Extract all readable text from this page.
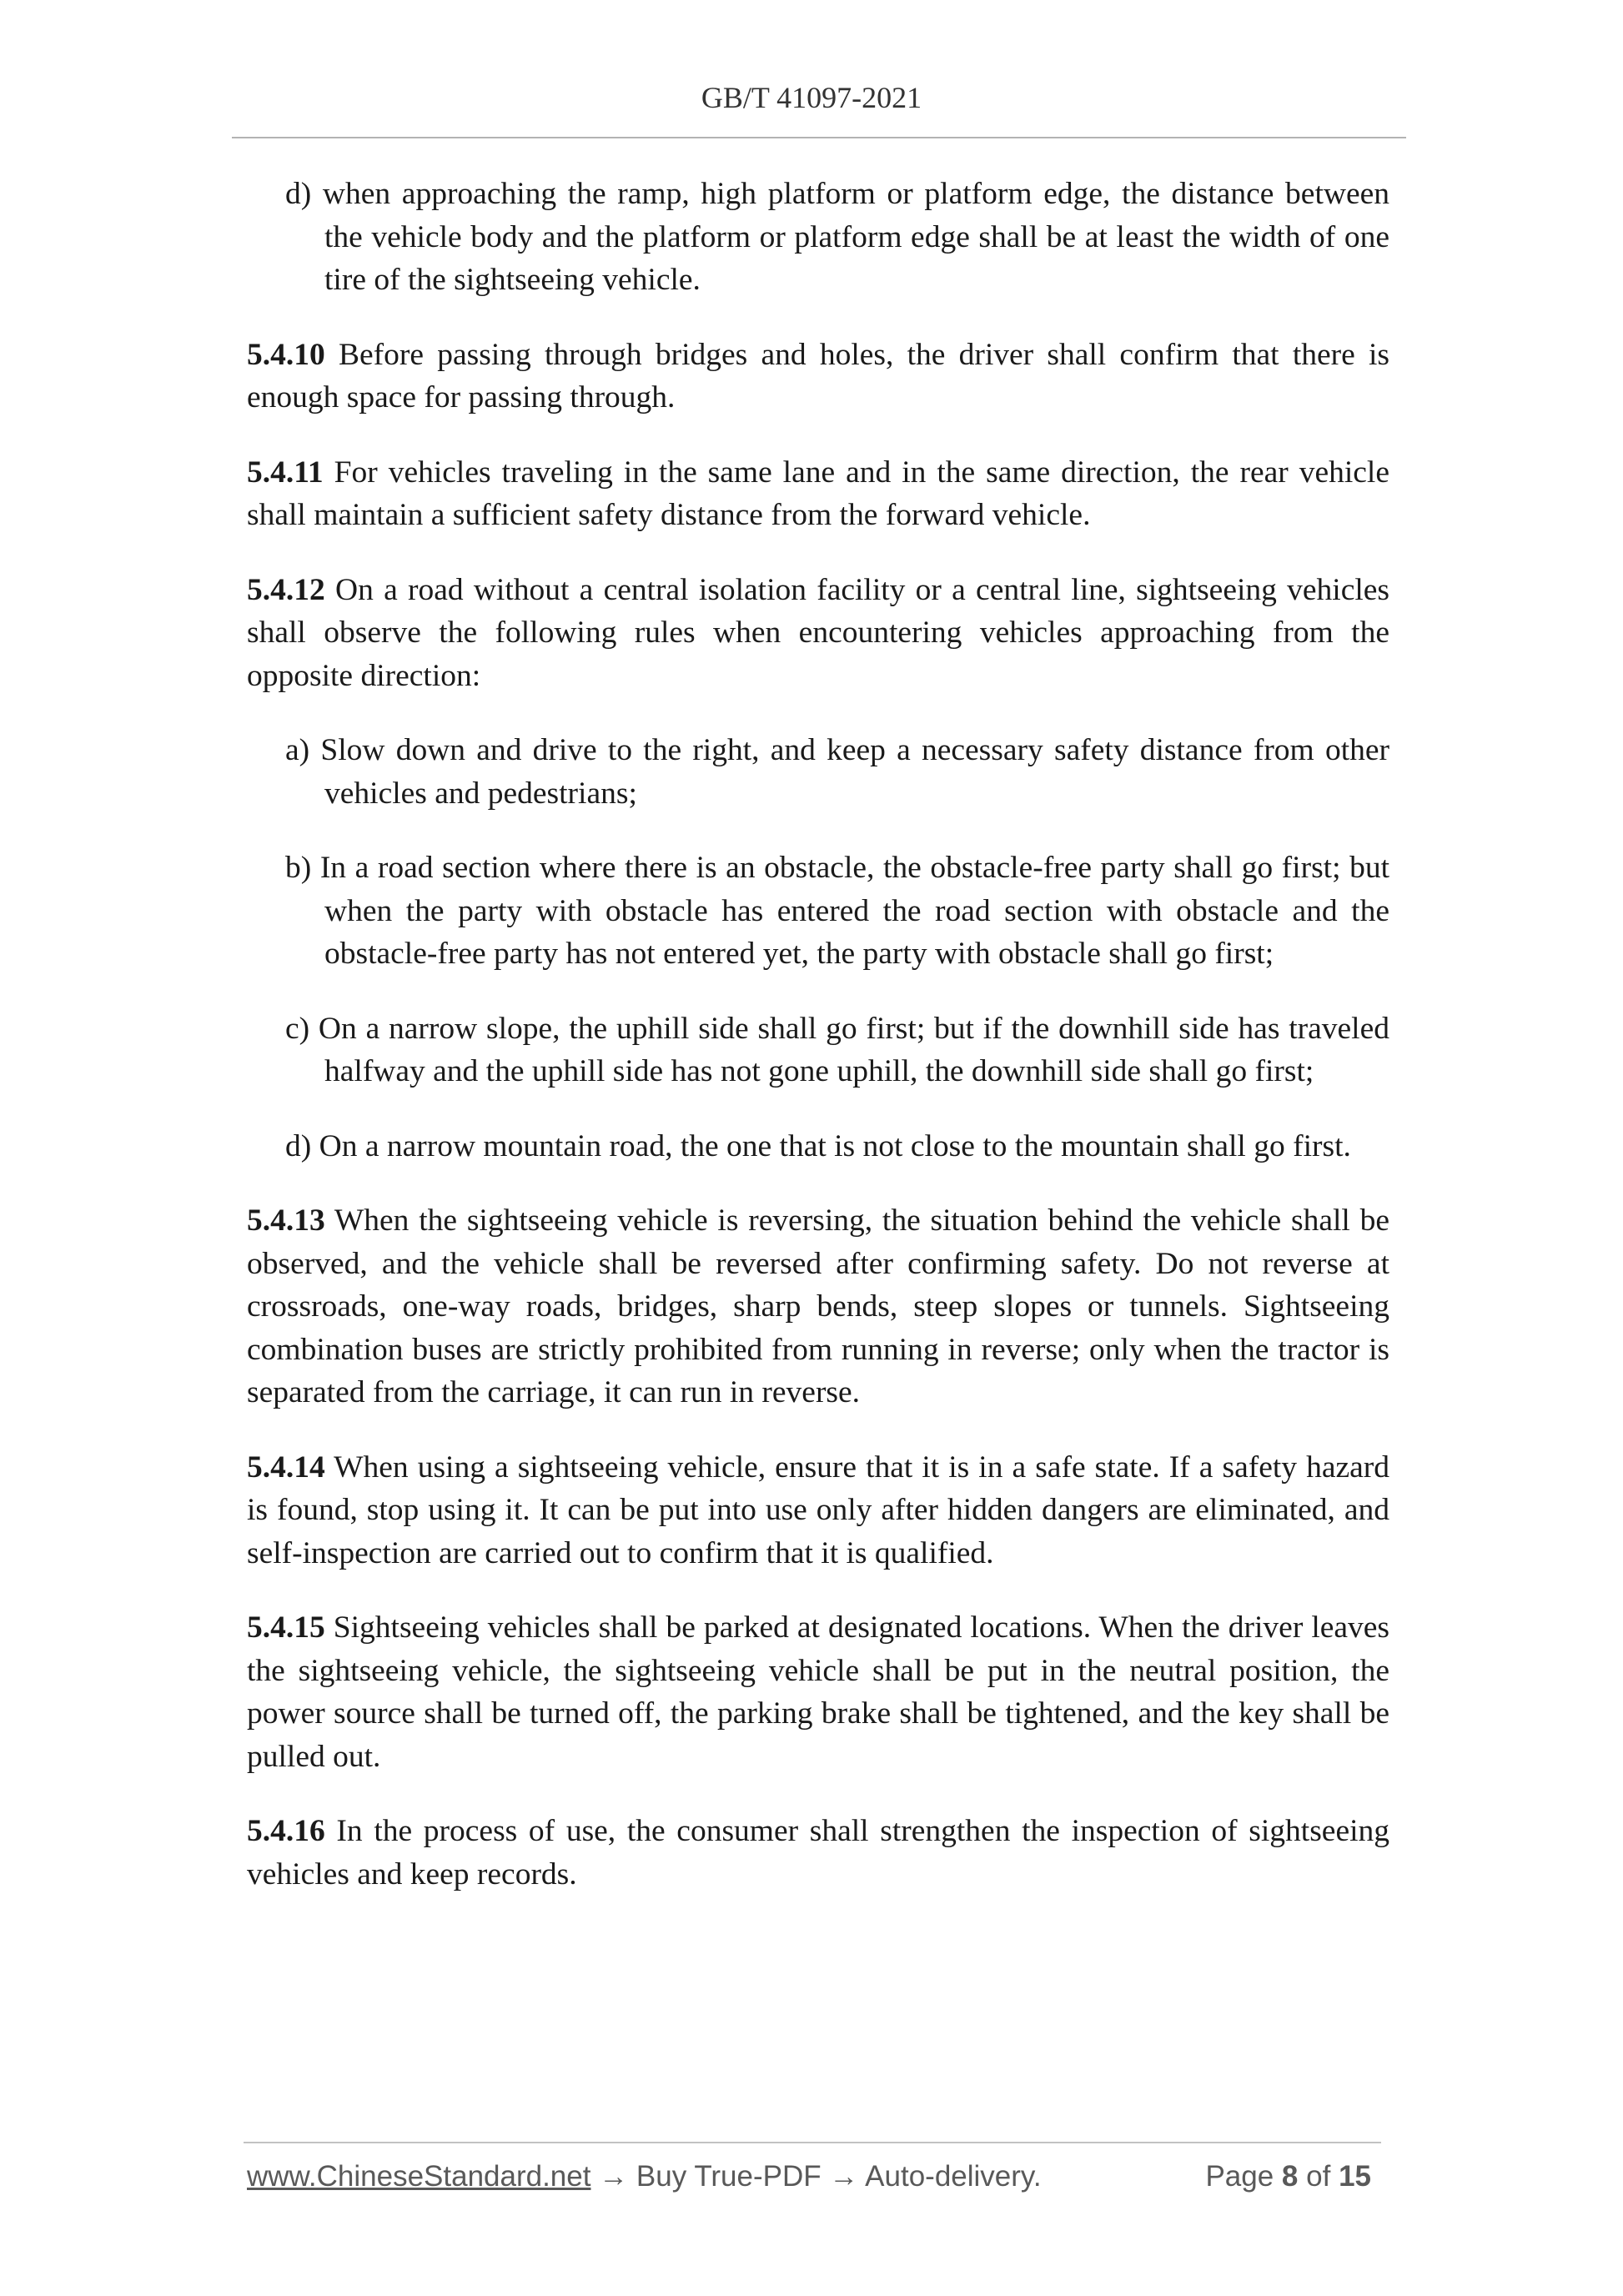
GB/T 41097-2021

d) when approaching the ramp, high platform or platform edge, the distance between the vehicle body and the platform or platform edge shall be at least the width of one tire of the sightseeing vehicle.

5.4.10 Before passing through bridges and holes, the driver shall confirm that there is enough space for passing through.

5.4.11 For vehicles traveling in the same lane and in the same direction, the rear vehicle shall maintain a sufficient safety distance from the forward vehicle.

5.4.12 On a road without a central isolation facility or a central line, sightseeing vehicles shall observe the following rules when encountering vehicles approaching from the opposite direction:

a) Slow down and drive to the right, and keep a necessary safety distance from other vehicles and pedestrians;

b) In a road section where there is an obstacle, the obstacle-free party shall go first; but when the party with obstacle has entered the road section with obstacle and the obstacle-free party has not entered yet, the party with obstacle shall go first;

c) On a narrow slope, the uphill side shall go first; but if the downhill side has traveled halfway and the uphill side has not gone uphill, the downhill side shall go first;

d) On a narrow mountain road, the one that is not close to the mountain shall go first.

5.4.13 When the sightseeing vehicle is reversing, the situation behind the vehicle shall be observed, and the vehicle shall be reversed after confirming safety. Do not reverse at crossroads, one-way roads, bridges, sharp bends, steep slopes or tunnels. Sightseeing combination buses are strictly prohibited from running in reverse; only when the tractor is separated from the carriage, it can run in reverse.

5.4.14 When using a sightseeing vehicle, ensure that it is in a safe state. If a safety hazard is found, stop using it. It can be put into use only after hidden dangers are eliminated, and self-inspection are carried out to confirm that it is qualified.

5.4.15 Sightseeing vehicles shall be parked at designated locations. When the driver leaves the sightseeing vehicle, the sightseeing vehicle shall be put in the neutral position, the power source shall be turned off, the parking brake shall be tightened, and the key shall be pulled out.

5.4.16 In the process of use, the consumer shall strengthen the inspection of sightseeing vehicles and keep records.

www.ChineseStandard.net → Buy True-PDF → Auto-delivery.	Page 8 of 15
